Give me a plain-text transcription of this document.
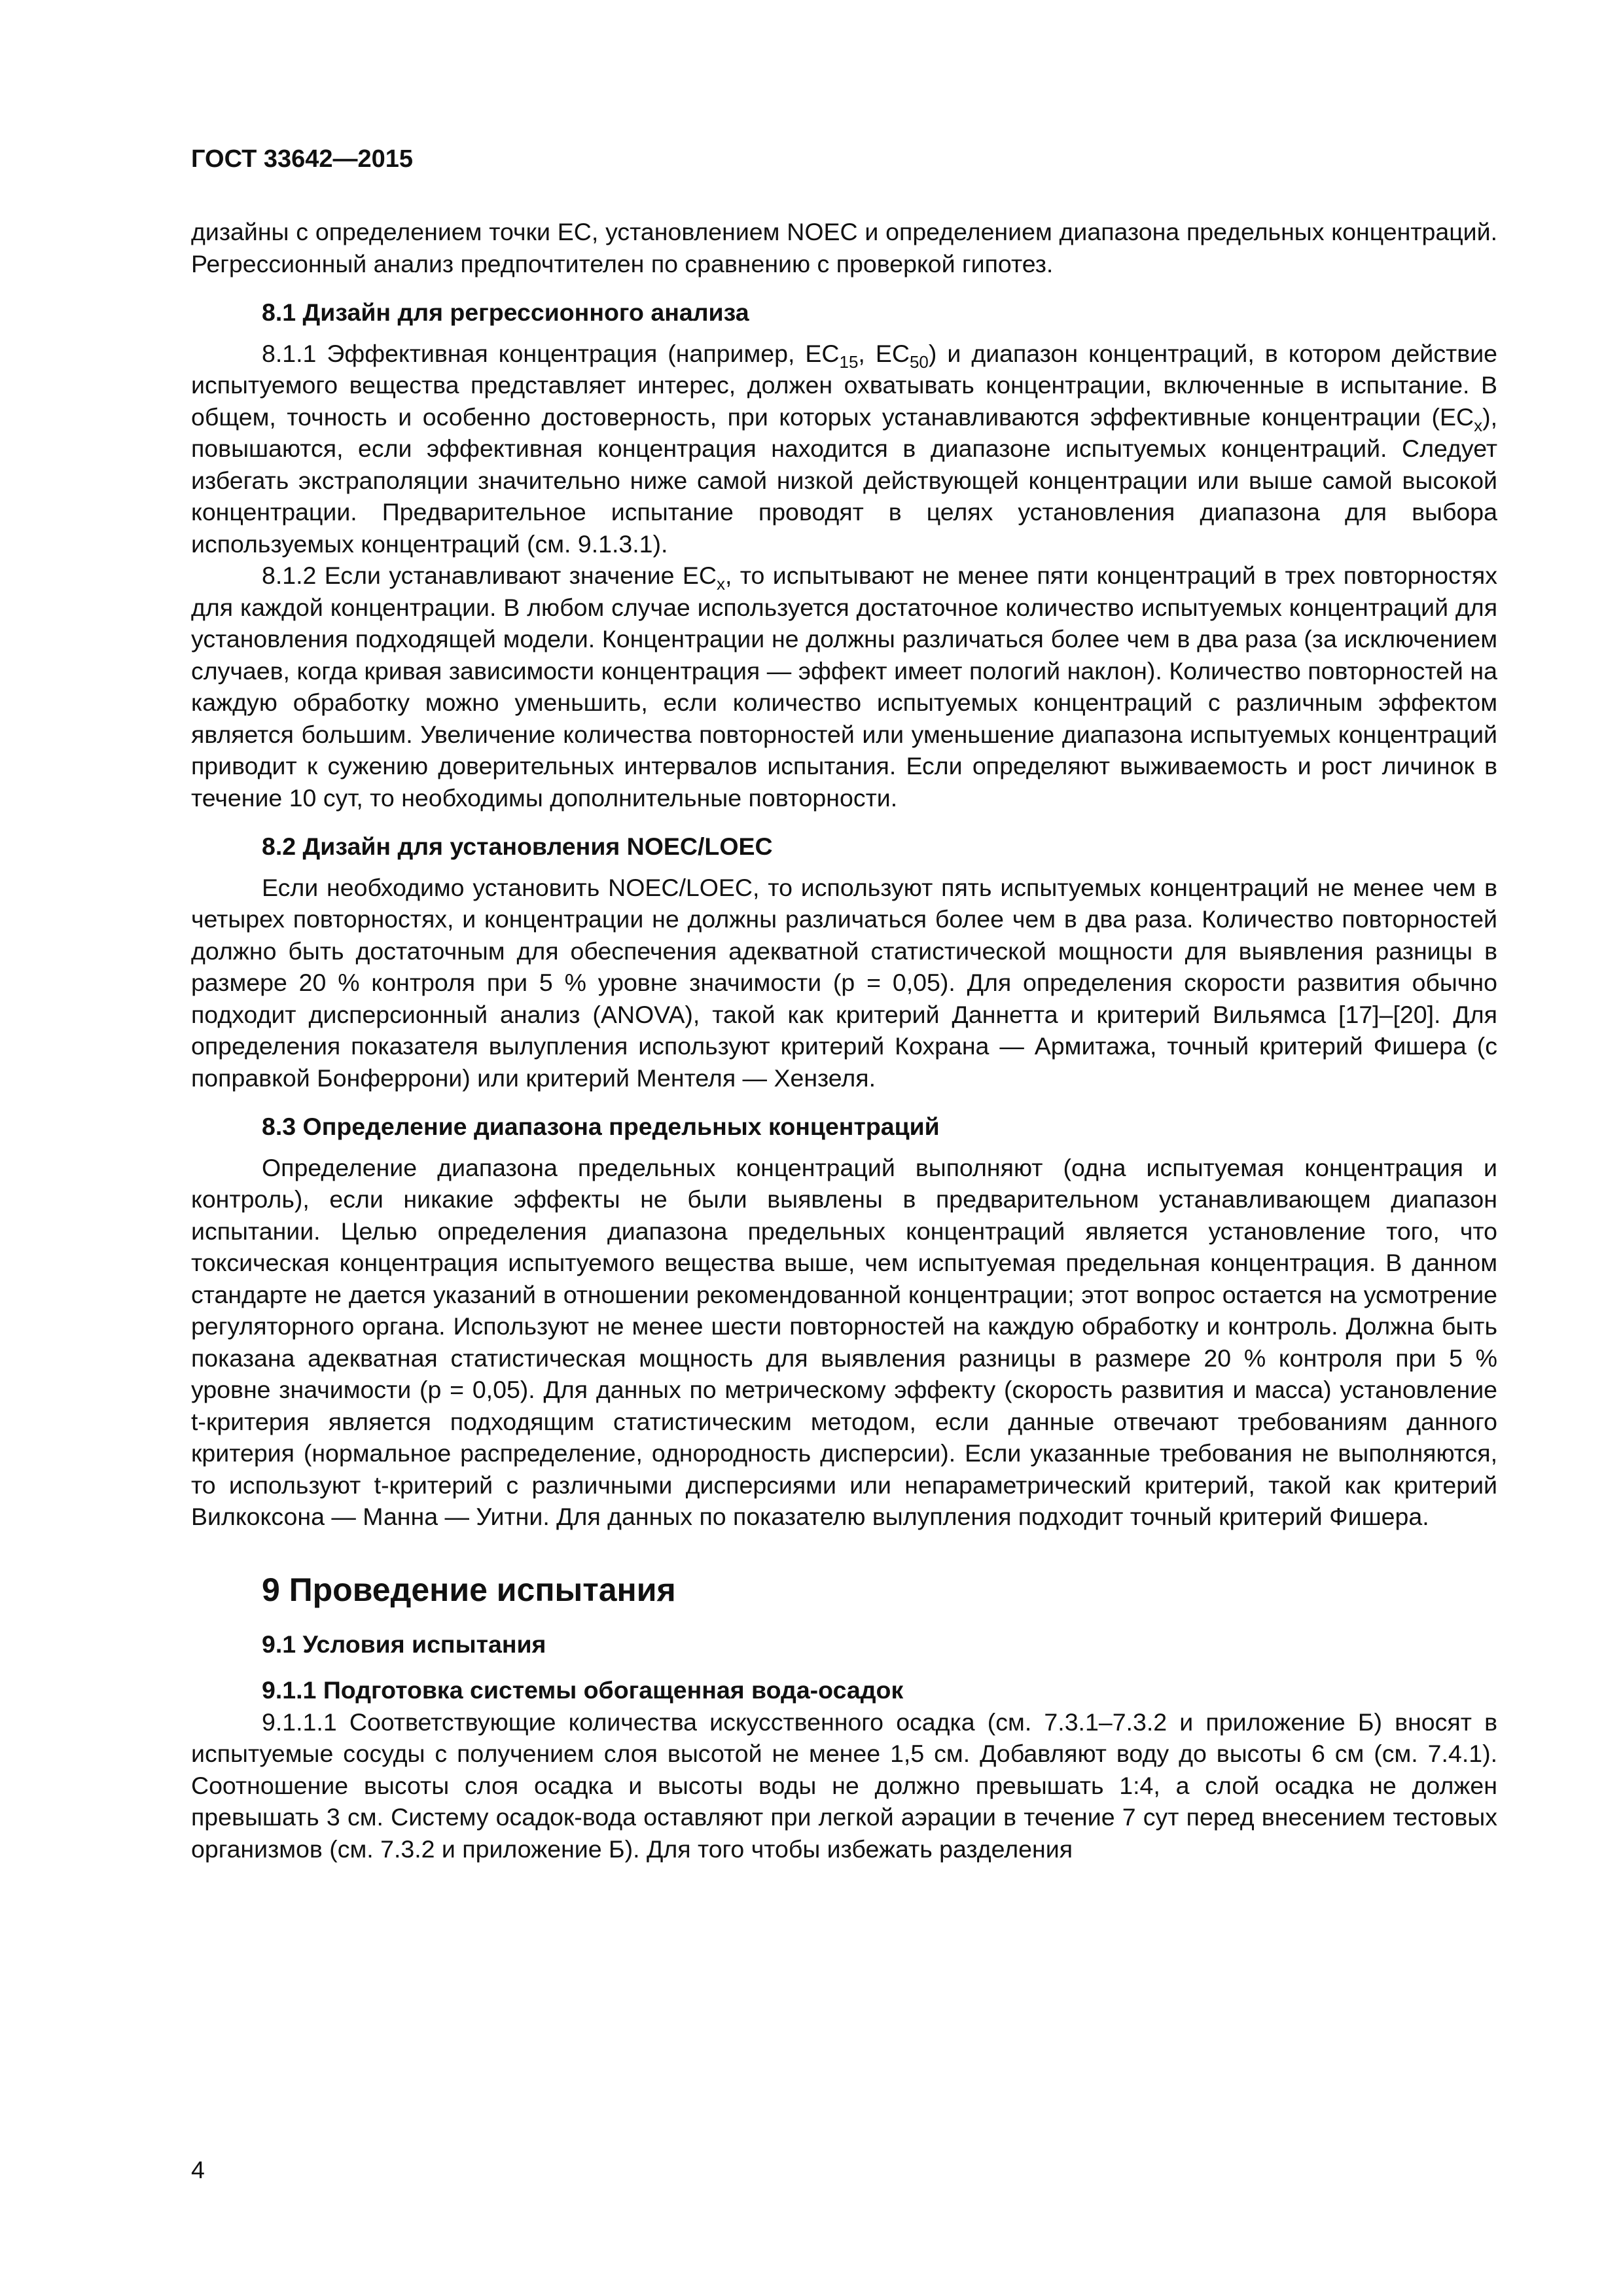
ГОСТ 33642—2015

дизайны с определением точки ЕС, установлением NOEC и определением диапазона предельных концентраций. Регрессионный анализ предпочтителен по сравнению с проверкой гипотез.

8.1 Дизайн для регрессионного анализа

8.1.1 Эффективная концентрация (например, $ЕС_{15}$, $ЕС_{50}$) и диапазон концентраций, в котором действие испытуемого вещества представляет интерес, должен охватывать концентрации, включенные в испытание. В общем, точность и особенно достоверность, при которых устанавливаются эффективные концентрации $(ЕС_х)$, повышаются, если эффективная концентрация находится в диапазоне испытуемых концентраций. Следует избегать экстраполяции значительно ниже самой низкой действующей концентрации или выше самой высокой концентрации. Предварительное испытание проводят в целях установления диапазона для выбора используемых концентраций (см. 9.1.3.1).

8.1.2 Если устанавливают значение $ЕС_х$, то испытывают не менее пяти концентраций в трех повторностях для каждой концентрации. В любом случае используется достаточное количество испытуемых концентраций для установления подходящей модели. Концентрации не должны различаться более чем в два раза (за исключением случаев, когда кривая зависимости концентрация — эффект имеет пологий наклон). Количество повторностей на каждую обработку можно уменьшить, если количество испытуемых концентраций с различным эффектом является большим. Увеличение количества повторностей или уменьшение диапазона испытуемых концентраций приводит к сужению доверительных интервалов испытания. Если определяют выживаемость и рост личинок в течение 10 сут, то необходимы дополнительные повторности.

8.2 Дизайн для установления NOEC/LOEC

Если необходимо установить NOEC/LOEC, то используют пять испытуемых концентраций не менее чем в четырех повторностях, и концентрации не должны различаться более чем в два раза. Количество повторностей должно быть достаточным для обеспечения адекватной статистической мощности для выявления разницы в размере 20 % контроля при 5 % уровне значимости (р = 0,05). Для определения скорости развития обычно подходит дисперсионный анализ (ANOVA), такой как критерий Даннетта и критерий Вильямса [17]–[20]. Для определения показателя вылупления используют критерий Кохрана — Армитажа, точный критерий Фишера (с поправкой Бонферрони) или критерий Ментеля — Хензеля.

8.3 Определение диапазона предельных концентраций

Определение диапазона предельных концентраций выполняют (одна испытуемая концентрация и контроль), если никакие эффекты не были выявлены в предварительном устанавливающем диапазон испытании. Целью определения диапазона предельных концентраций является установление того, что токсическая концентрация испытуемого вещества выше, чем испытуемая предельная концентрация. В данном стандарте не дается указаний в отношении рекомендованной концентрации; этот вопрос остается на усмотрение регуляторного органа. Используют не менее шести повторностей на каждую обработку и контроль. Должна быть показана адекватная статистическая мощность для выявления разницы в размере 20 % контроля при 5 % уровне значимости (р = 0,05). Для данных по метрическому эффекту (скорость развития и масса) установление t-критерия является подходящим статистическим методом, если данные отвечают требованиям данного критерия (нормальное распределение, однородность дисперсии). Если указанные требования не выполняются, то используют t-критерий с различными дисперсиями или непараметрический критерий, такой как критерий Вилкоксона — Манна — Уитни. Для данных по показателю вылупления подходит точный критерий Фишера.

9 Проведение испытания
9.1 Условия испытания
9.1.1 Подготовка системы обогащенная вода-осадок

9.1.1.1 Соответствующие количества искусственного осадка (см. 7.3.1–7.3.2 и приложение Б) вносят в испытуемые сосуды с получением слоя высотой не менее 1,5 см. Добавляют воду до высоты 6 см (см. 7.4.1). Соотношение высоты слоя осадка и высоты воды не должно превышать 1:4, а слой осадка не должен превышать 3 см. Систему осадок-вода оставляют при легкой аэрации в течение 7 сут перед внесением тестовых организмов (см. 7.3.2 и приложение Б). Для того чтобы избежать разделения

4
